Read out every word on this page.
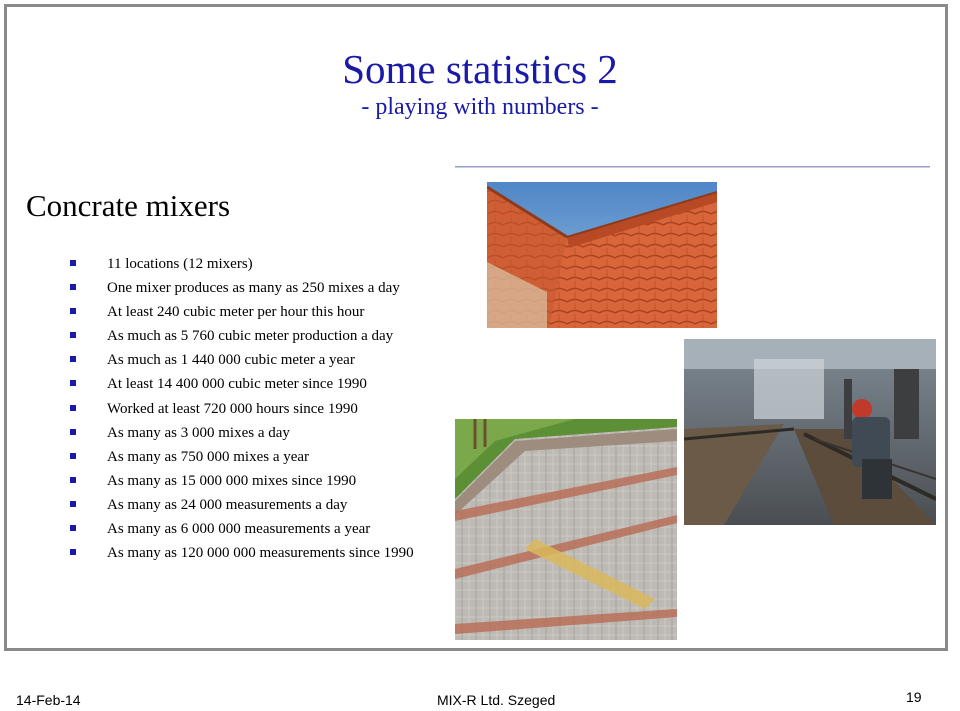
Some statistics 2
- playing with numbers -
Concrate mixers
11 locations (12 mixers)
One mixer produces as many as 250 mixes a day
At least 240 cubic meter per hour this hour
As much as 5 760 cubic meter production a day
As much as 1 440 000 cubic meter a year
At least 14 400 000 cubic meter since 1990
Worked at least 720 000 hours since 1990
As many as 3 000 mixes a day
As many as 750 000 mixes a year
As many as 15 000 000 mixes since 1990
As many as 24 000 measurements a day
As many as 6 000 000 measurements a year
As many as 120 000 000 measurements since 1990
14-Feb-14	MIX-R Ltd. Szeged	19
